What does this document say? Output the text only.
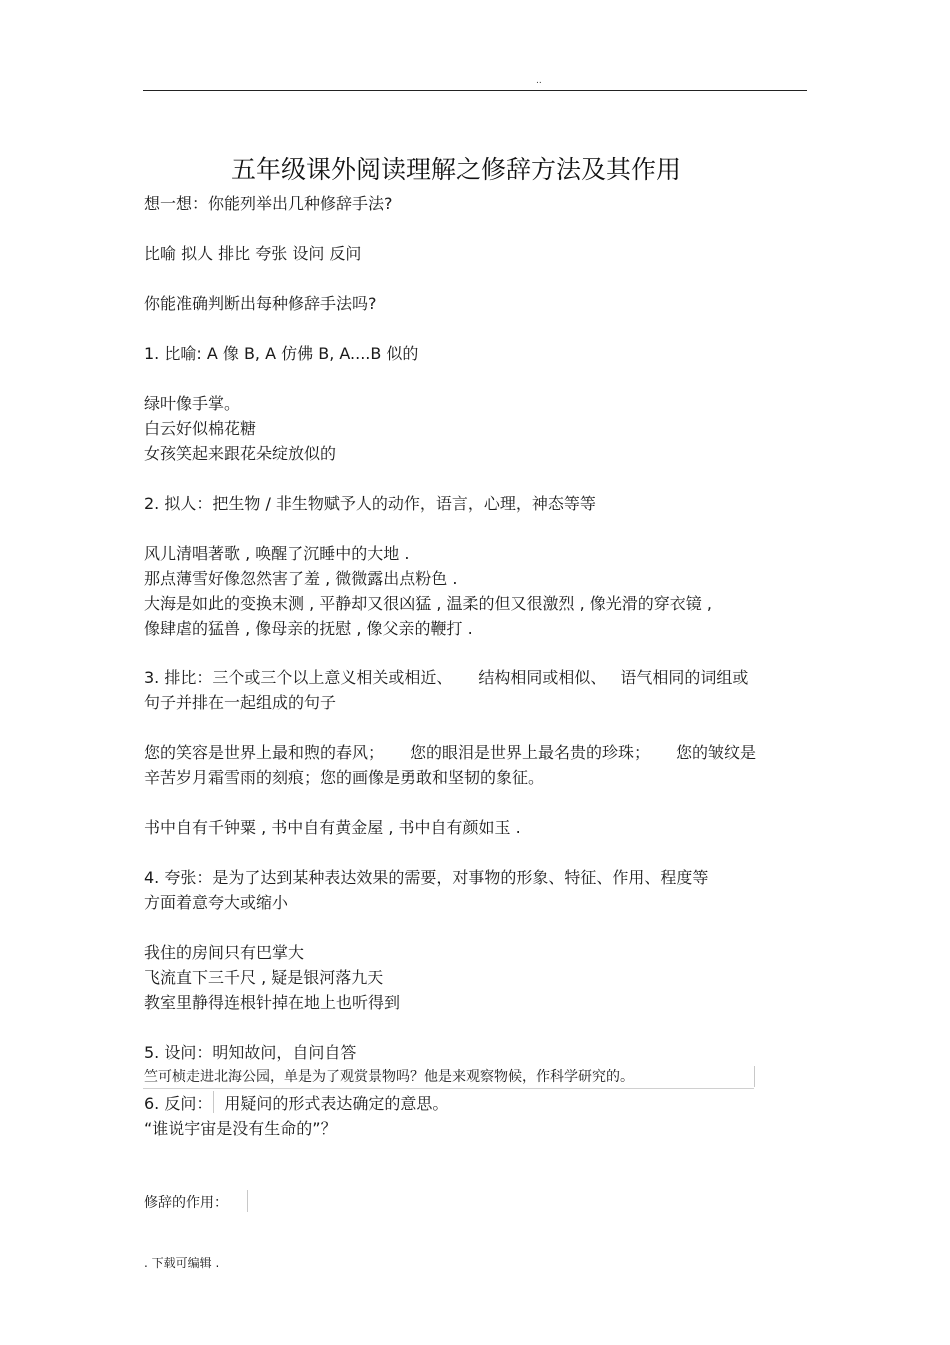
..
五年级课外阅读理解之修辞方法及其作用
想一想：你能列举出几种修辞手法?
比喻 拟人 排比 夸张 设问 反问
你能准确判断出每种修辞手法吗?
1. 比喻: A 像 B, A 仿佛 B, A....B 似的
绿叶像手掌。
白云好似棉花糖
女孩笑起来跟花朵绽放似的
2. 拟人：把生物 / 非生物赋予人的动作，语言，心理，神态等等
风儿清唱著歌 , 唤醒了沉睡中的大地 .
那点薄雪好像忽然害了羞 , 微微露出点粉色 .
大海是如此的变换末测 , 平静却又很凶猛 , 温柔的但又很激烈 , 像光滑的穿衣镜 ,
像肆虐的猛兽 , 像母亲的抚慰 , 像父亲的鞭打 .
3. 排比：三个或三个以上意义相关或相近、 结构相同或相似、 语气相同的词组或
句子并排在一起组成的句子
您的笑容是世界上最和煦的春风； 您的眼泪是世界上最名贵的珍珠； 您的皱纹是
辛苦岁月霜雪雨的刻痕；您的画像是勇敢和坚韧的象征。
书中自有千钟粟 , 书中自有黄金屋 , 书中自有颜如玉 .
4. 夸张：是为了达到某种表达效果的需要，对事物的形象、特征、作用、程度等
方面着意夸大或缩小
我住的房间只有巴掌大
飞流直下三千尺 , 疑是银河落九天
教室里静得连根针掉在地上也听得到
5. 设问：明知故问，自问自答
竺可桢走进北海公园，单是为了观赏景物吗？他是来观察物候，作科学研究的。
6. 反问： 用疑问的形式表达确定的意思。
“谁说宇宙是没有生命的”？
修辞的作用：
. 下载可编辑 .
